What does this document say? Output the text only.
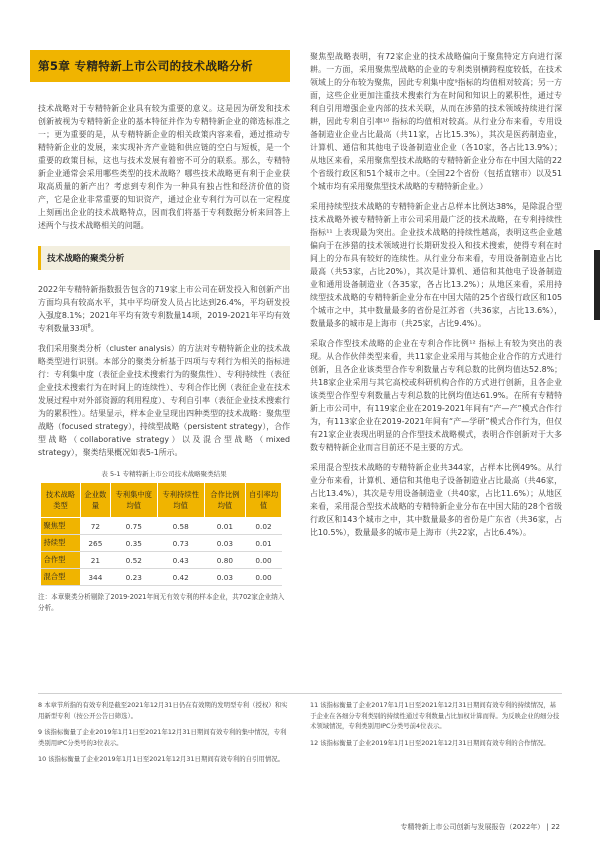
第5章 专精特新上市公司的技术战略分析

技术战略对于专精特新企业具有较为重要的意义。这是因为研发和技术创新被视为专精特新企业的基本特征并作为专精特新企业的筛选标准之一；更为重要的是，从专精特新企业的相关政策内容来看，通过推动专精特新企业的发展，来实现补齐产业链和供应链的空白与短板，是一个重要的政策目标，这也与技术发展有着密不可分的联系。那么，专精特新企业通常会采用哪些类型的技术战略？哪些技术战略更有利于企业获取高质量的新产出？考虑到专利作为一种具有独占性和经济价值的资产，它是企业非常重要的知识资产，通过企业专利行为可以在一定程度上刻画出企业的技术战略特点，因而我们将基于专利数据分析来回答上述两个与技术战略相关的问题。

技术战略的聚类分析

2022年专精特新指数报告包含的719家上市公司在研发投入和创新产出方面均具有较高水平，其中平均研发人员占比达到26.4%，平均研发投入强度8.1%；2021年平均有效专利数量14项，2019-2021年平均有效专利数量33项$^8$。

我们采用聚类分析（cluster analysis）的方法对专精特新企业的技术战略类型进行识别。本部分的聚类分析基于四项与专利行为相关的指标进行：专利集中度（表征企业技术搜索行为的聚焦性）、专利持续性（表征企业技术搜索行为在时间上的连续性）、专利合作比例（表征企业在技术发展过程中对外部资源的利用程度）、专利自引率（表征企业技术搜索行为的累积性）。结果显示，样本企业呈现出四种类型的技术战略：聚焦型战略（focused strategy），持续型战略（persistent strategy），合作型战略（collaborative strategy）以及混合型战略（mixed strategy），聚类结果概况如表5-1所示。

表 5-1 专精特新上市公司技术战略聚类结果
技术战略类型	企业数量	专利集中度均值	专利持续性均值	合作比例均值	自引率均值
聚焦型	72	0.75	0.58	0.01	0.02
持续型	265	0.35	0.73	0.03	0.01
合作型	21	0.52	0.43	0.80	0.00
混合型	344	0.23	0.42	0.03	0.00
注：本章聚类分析剔除了2019-2021年间无有效专利的样本企业，共702家企业纳入分析。

聚焦型战略表明，有72家企业的技术战略偏向于聚焦特定方向进行深耕。一方面，采用聚焦型战略的企业的专利类别横跨程度较低，在技术领域上的分布较为聚焦，因此专利集中度⁹指标的均值相对较高；另一方面，这些企业更加注重技术搜索行为在时间和知识上的累积性，通过专利自引用增强企业内部的技术关联，从而在涉猎的技术领域持续进行深耕，因此专利自引率¹⁰ 指标的均值相对较高。从行业分布来看，专用设备制造业企业占比最高（共11家，占比15.3%），其次是医药制造业，计算机、通信和其他电子设备制造业企业（各10家，各占比13.9%）；从地区来看，采用聚焦型技术战略的专精特新企业分布在中国大陆的22个省级行政区和51个城市之中。（全国22个省份（包括直辖市）以及51个城市均有采用聚焦型技术战略的专精特新企业。）

采用持续型技术战略的专精特新企业占总样本比例达38%，是除混合型技术战略外被专精特新上市公司采用最广泛的技术战略，在专利持续性指标¹¹ 上表现最为突出。企业技术战略的持续性越高，表明这些企业越偏向于在涉猎的技术领域进行长期研发投入和技术搜索，使得专利在时间上的分布具有较好的连续性。从行业分布来看，专用设备制造业占比最高（共53家，占比20%），其次是计算机、通信和其他电子设备制造业和通用设备制造业（各35家，各占比13.2%）；从地区来看，采用持续型技术战略的专精特新企业分布在中国大陆的25个省级行政区和105个城市之中，其中数量最多的省份是江苏省（共36家，占比13.6%），数量最多的城市是上海市（共25家，占比9.4%）。

采取合作型技术战略的企业在专利合作比例¹² 指标上有较为突出的表现。从合作伙伴类型来看，共11家企业采用与其他企业合作的方式进行创新，且各企业该类型合作专利数量占专利总数的比例均值达52.8%；共18家企业采用与其它高校或科研机构合作的方式进行创新，且各企业该类型合作型专利数量占专利总数的比例均值达61.9%。在所有专精特新上市公司中，有119家企业在2019-2021年间有“产—产”模式合作行为，有113家企业在2019-2021年间有“产—学研”模式合作行为，但仅有21家企业表现出明显的合作型技术战略模式，表明合作创新对于大多数专精特新企业而言目前还不是主要的方式。

采用混合型技术战略的专精特新企业共344家，占样本比例49%。从行业分布来看，计算机、通信和其他电子设备制造业占比最高（共46家，占比13.4%），其次是专用设备制造业（共40家，占比11.6%）；从地区来看，采用混合型技术战略的专精特新企业分布在中国大陆的28个省级行政区和143个城市之中，其中数量最多的省份是广东省（共36家，占比10.5%），数量最多的城市是上海市（共22家，占比6.4%）。

8 本章节所指的有效专利是截至2021年12月31日仍在有效期的发明型专利（授权）和实用新型专利（按公开公告日筛选）。
9 该指标衡量了企业2019年1月1日至2021年12月31日期间有效专利的集中情况，专利类别用IPC分类号的3位表示。
10 该指标衡量了企业2019年1月1日至2021年12月31日期间有效专利的自引用情况。
11 该指标衡量了企业2017年1月1日至2021年12月31日期间有效专利的持续情况，基于企业在各细分专利类别的持续性通过专利数量占比加权计算而得。为反映企业的细分技术领域情况，专利类别用IPC分类号前4位表示。
12 该指标衡量了企业2019年1月1日至2021年12月31日期间有效专利的合作情况。
专精特新上市公司创新与发展报告（2022年） | 22
